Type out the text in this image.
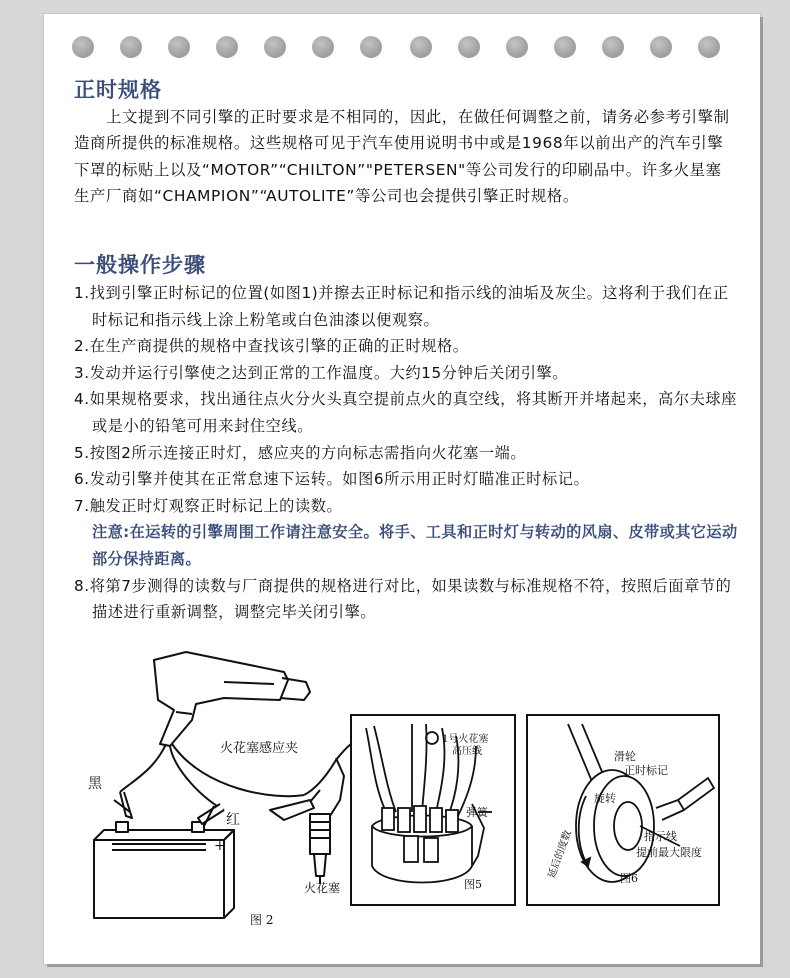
正时规格
上文提到不同引擎的正时要求是不相同的，因此，在做任何调整之前，请务必参考引擎制造商所提供的标准规格。这些规格可见于汽车使用说明书中或是1968年以前出产的汽车引擎下罩的标贴上以及“MOTOR”“CHILTON”"PETERSEN"等公司发行的印刷品中。许多火星塞生产厂商如“CHAMPION”“AUTOLITE”等公司也会提供引擎正时规格。
一般操作步骤
1.找到引擎正时标记的位置(如图1)并擦去正时标记和指示线的油垢及灰尘。这将利于我们在正时标记和指示线上涂上粉笔或白色油漆以便观察。
2.在生产商提供的规格中查找该引擎的正确的正时规格。
3.发动并运行引擎使之达到正常的工作温度。大约15分钟后关闭引擎。
4.如果规格要求，找出通往点火分火头真空提前点火的真空线，将其断开并堵起来，高尔夫球座或是小的铅笔可用来封住空线。
5.按图2所示连接正时灯，感应夹的方向标志需指向火花塞一端。
6.发动引擎并使其在正常怠速下运转。如图6所示用正时灯瞄准正时标记。
7.触发正时灯观察正时标记上的读数。
注意:在运转的引擎周围工作请注意安全。将手、工具和正时灯与转动的风扇、皮带或其它运动部分保持距离。
8.将第7步测得的读数与厂商提供的规格进行对比，如果读数与标准规格不符，按照后面章节的描述进行重新调整，调整完毕关闭引擎。
火花塞感应夹
黑
红
+
火花塞
图 2
1号火花塞
高压线
弹簧
图5
滑轮
正时标记
旋转
延后的度数	指示线
提前最大限度
图6
